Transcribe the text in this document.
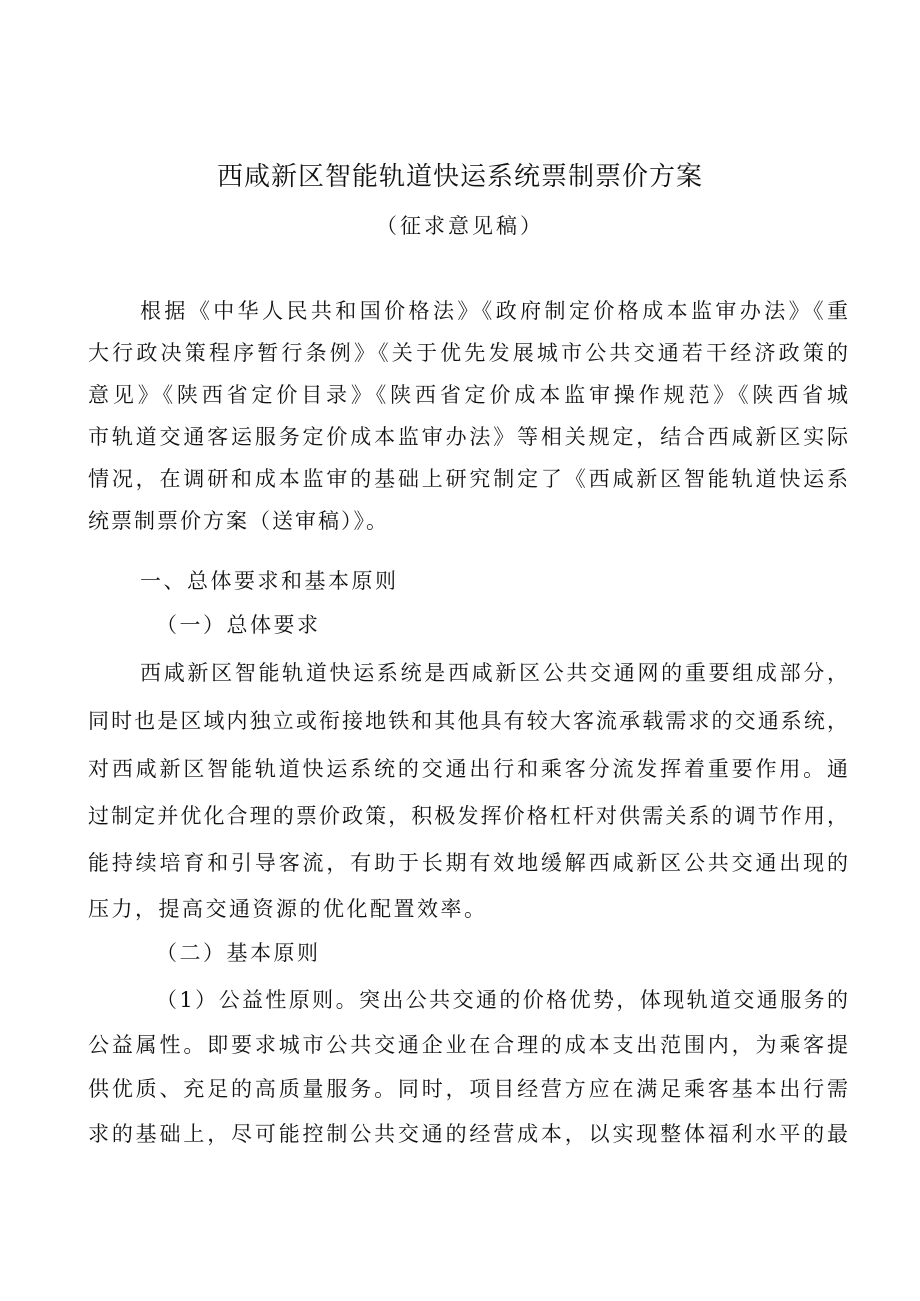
西咸新区智能轨道快运系统票制票价方案

（征求意见稿）

根据《中华人民共和国价格法》《政府制定价格成本监审办法》《重

大行政决策程序暂行条例》《关于优先发展城市公共交通若干经济政策的

意见》《陕西省定价目录》《陕西省定价成本监审操作规范》《陕西省城

市轨道交通客运服务定价成本监审办法》等相关规定，结合西咸新区实际

情况，在调研和成本监审的基础上研究制定了《西咸新区智能轨道快运系

统票制票价方案（送审稿）》。

一、总体要求和基本原则

（一）总体要求

西咸新区智能轨道快运系统是西咸新区公共交通网的重要组成部分，

同时也是区域内独立或衔接地铁和其他具有较大客流承载需求的交通系统，

对西咸新区智能轨道快运系统的交通出行和乘客分流发挥着重要作用。通

过制定并优化合理的票价政策，积极发挥价格杠杆对供需关系的调节作用，

能持续培育和引导客流，有助于长期有效地缓解西咸新区公共交通出现的

压力，提高交通资源的优化配置效率。

（二）基本原则

（1）公益性原则。突出公共交通的价格优势，体现轨道交通服务的

公益属性。即要求城市公共交通企业在合理的成本支出范围内，为乘客提

供优质、充足的高质量服务。同时，项目经营方应在满足乘客基本出行需

求的基础上，尽可能控制公共交通的经营成本，以实现整体福利水平的最
